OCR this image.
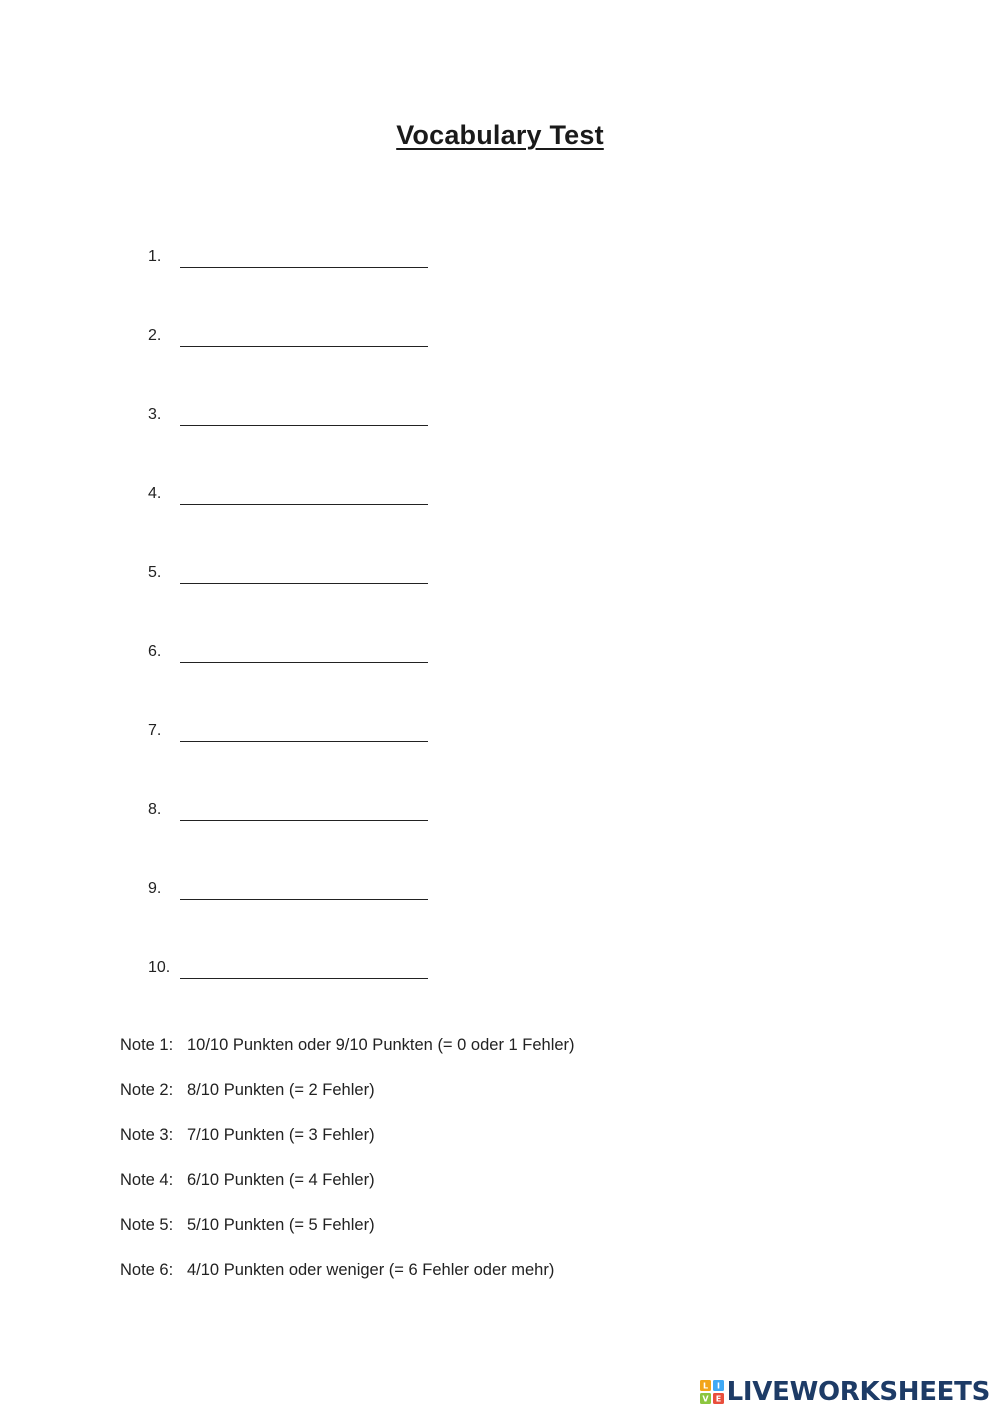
Vocabulary Test
1.
2.
3.
4.
5.
6.
7.
8.
9.
10.
Note 1: 10/10 Punkten oder 9/10 Punkten (= 0 oder 1 Fehler)
Note 2: 8/10 Punkten (= 2 Fehler)
Note 3: 7/10 Punkten (= 3 Fehler)
Note 4: 6/10 Punkten (= 4 Fehler)
Note 5: 5/10 Punkten (= 5 Fehler)
Note 6: 4/10 Punkten oder weniger (= 6 Fehler oder mehr)
L I
V E LIVEWORKSHEETS
